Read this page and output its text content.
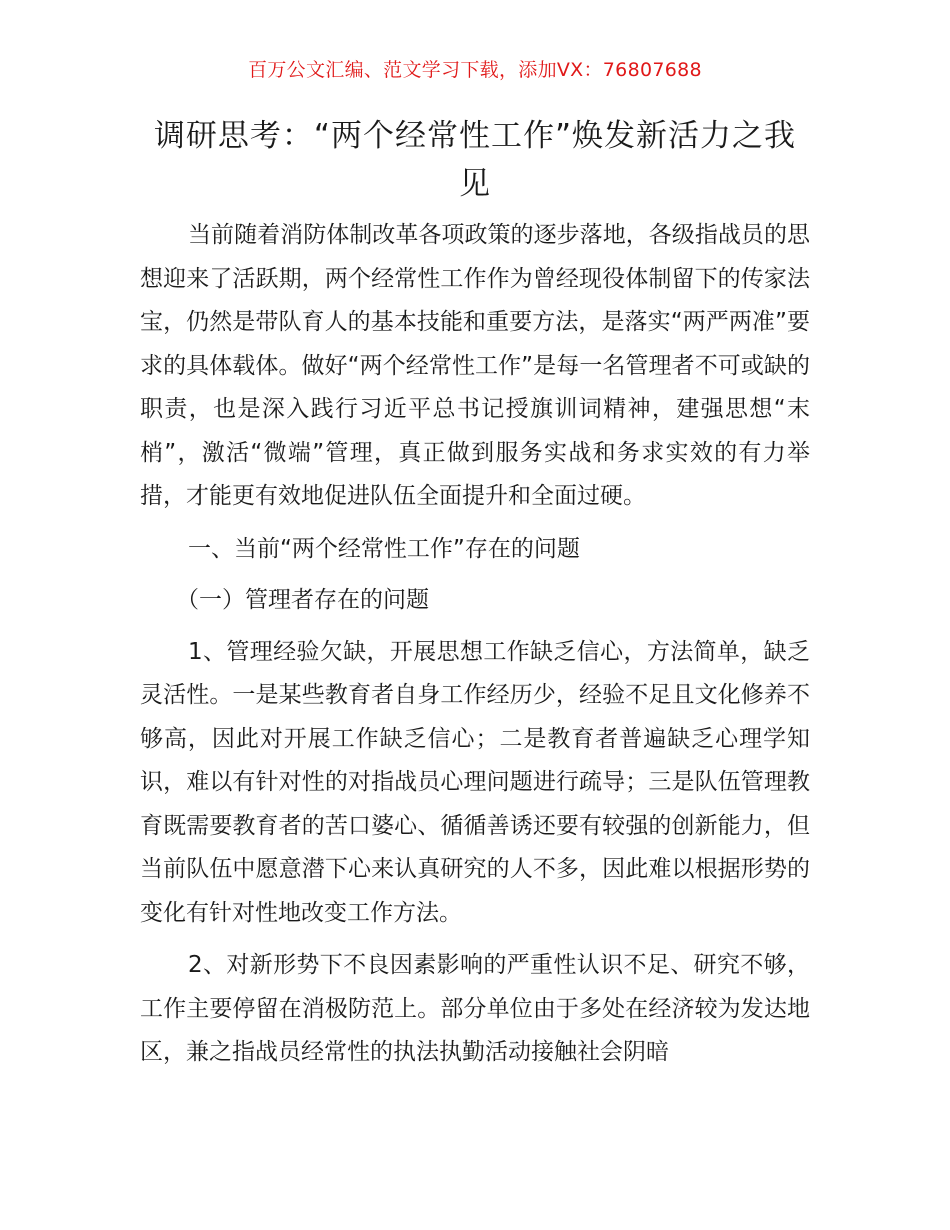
百万公文汇编、范文学习下载，添加VX：76807688
调研思考：“两个经常性工作”焕发新活力之我见

当前随着消防体制改革各项政策的逐步落地，各级指战员的思想迎来了活跃期，两个经常性工作作为曾经现役体制留下的传家法宝，仍然是带队育人的基本技能和重要方法，是落实“两严两准”要求的具体载体。做好“两个经常性工作”是每一名管理者不可或缺的职责，也是深入践行习近平总书记授旗训词精神，建强思想“末梢”，激活“微端”管理，真正做到服务实战和务求实效的有力举措，才能更有效地促进队伍全面提升和全面过硬。

一、当前“两个经常性工作”存在的问题

（一）管理者存在的问题

1、管理经验欠缺，开展思想工作缺乏信心，方法简单，缺乏灵活性。一是某些教育者自身工作经历少，经验不足且文化修养不够高，因此对开展工作缺乏信心；二是教育者普遍缺乏心理学知识，难以有针对性的对指战员心理问题进行疏导；三是队伍管理教育既需要教育者的苦口婆心、循循善诱还要有较强的创新能力，但当前队伍中愿意潜下心来认真研究的人不多，因此难以根据形势的变化有针对性地改变工作方法。

2、对新形势下不良因素影响的严重性认识不足、研究不够，工作主要停留在消极防范上。部分单位由于多处在经济较为发达地区，兼之指战员经常性的执法执勤活动接触社会阴暗
